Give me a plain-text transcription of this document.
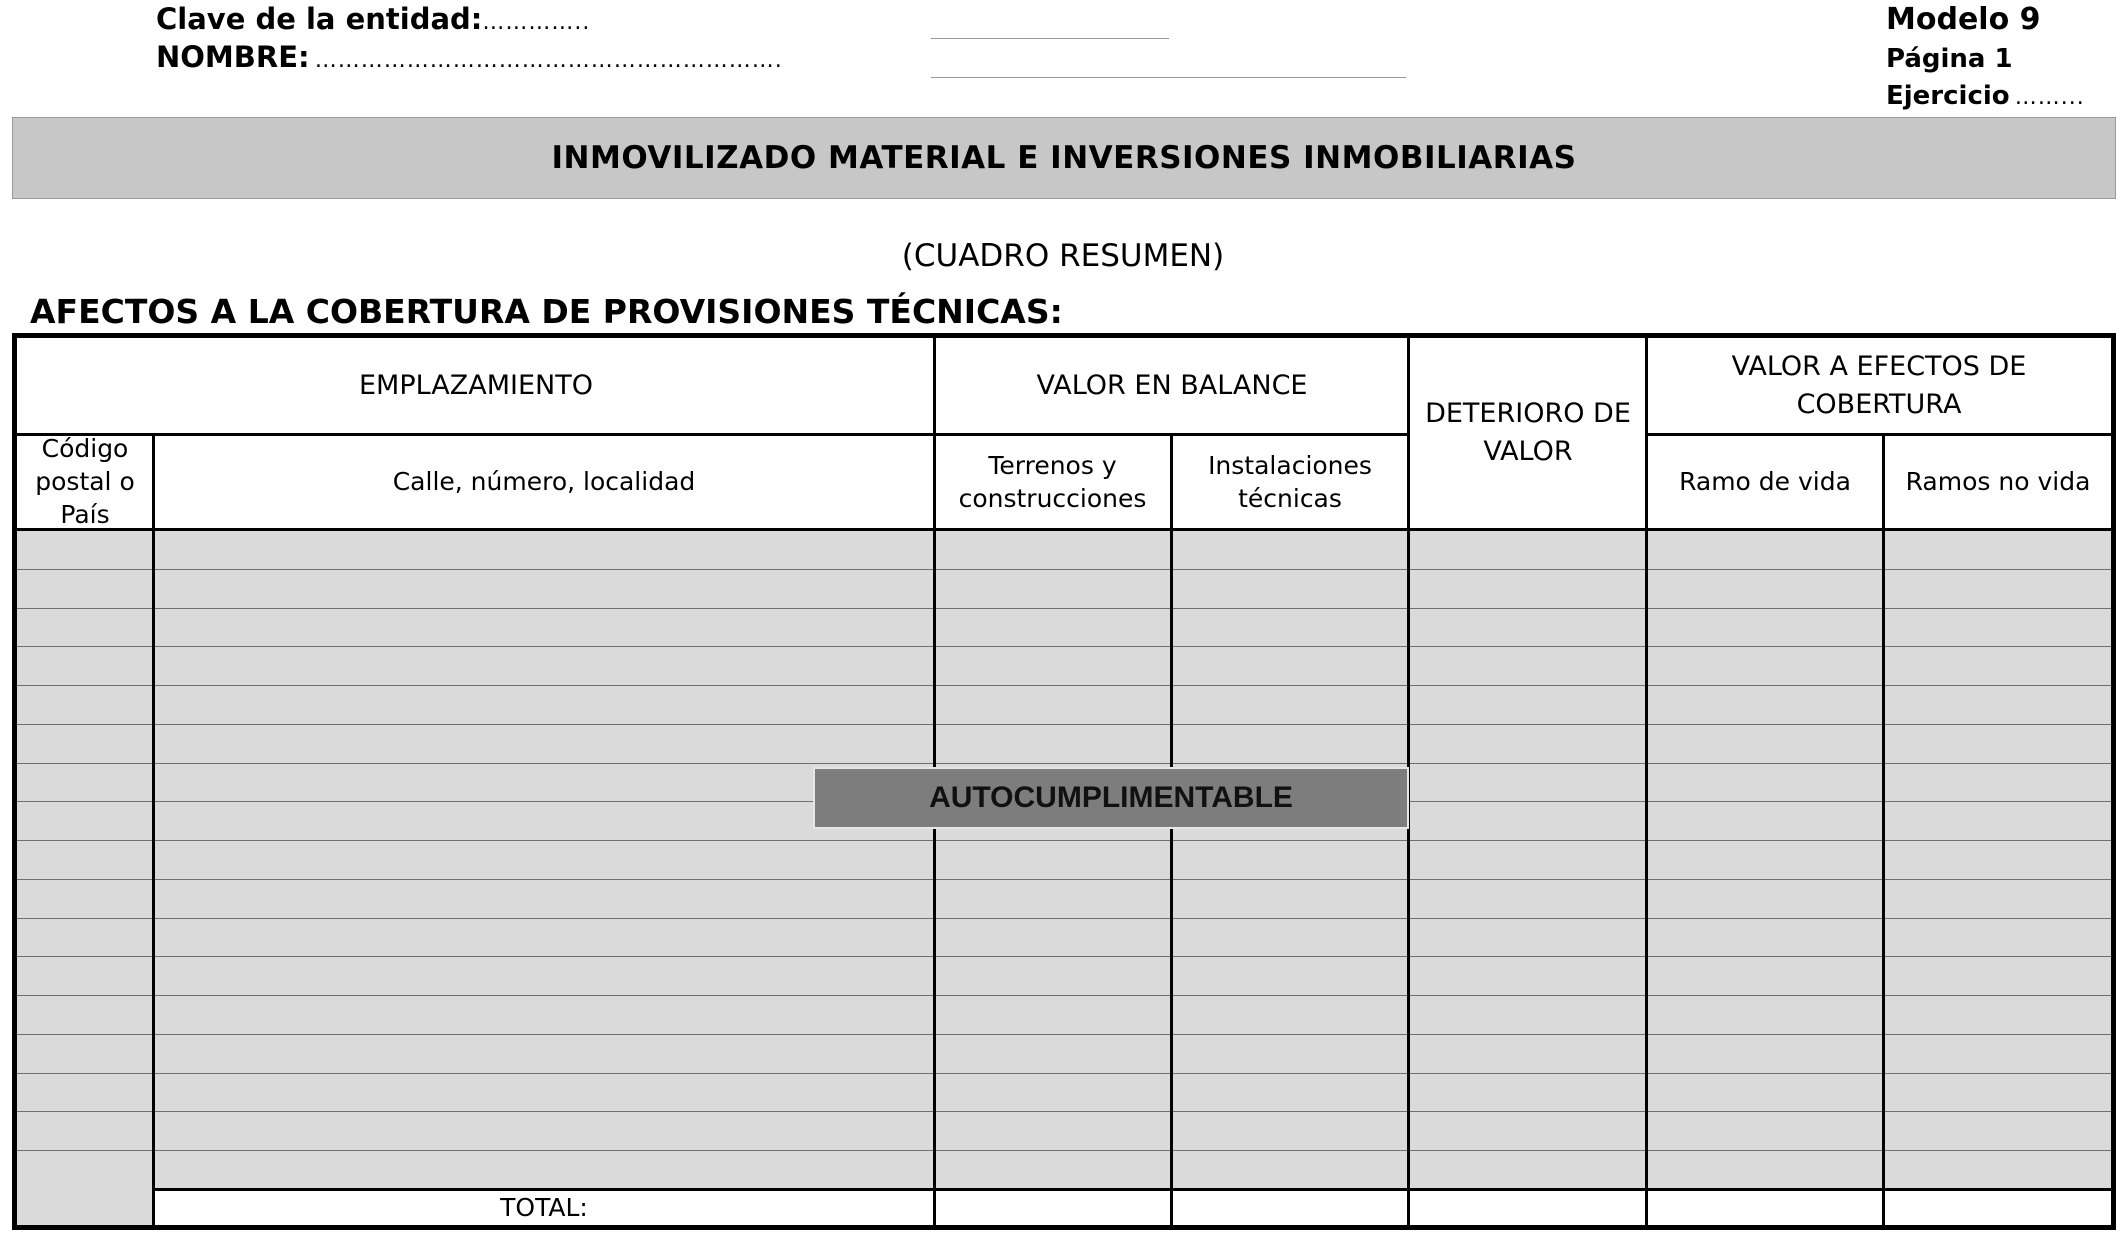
Clave de la entidad:…………..
NOMBRE: …………………………………………………….
Modelo 9
Página 1
Ejercicio ……...
INMOVILIZADO MATERIAL E INVERSIONES INMOBILIARIAS
(CUADRO RESUMEN)
AFECTOS A LA COBERTURA DE PROVISIONES TÉCNICAS:
EMPLAZAMIENTO	VALOR EN BALANCE
DETERIORO DE VALOR
VALOR A EFECTOS DE COBERTURA
Código postal o País
Calle, número, localidad
Terrenos y construcciones
Instalaciones técnicas
Ramo de vida	Ramos no vida
TOTAL:
AUTOCUMPLIMENTABLE
